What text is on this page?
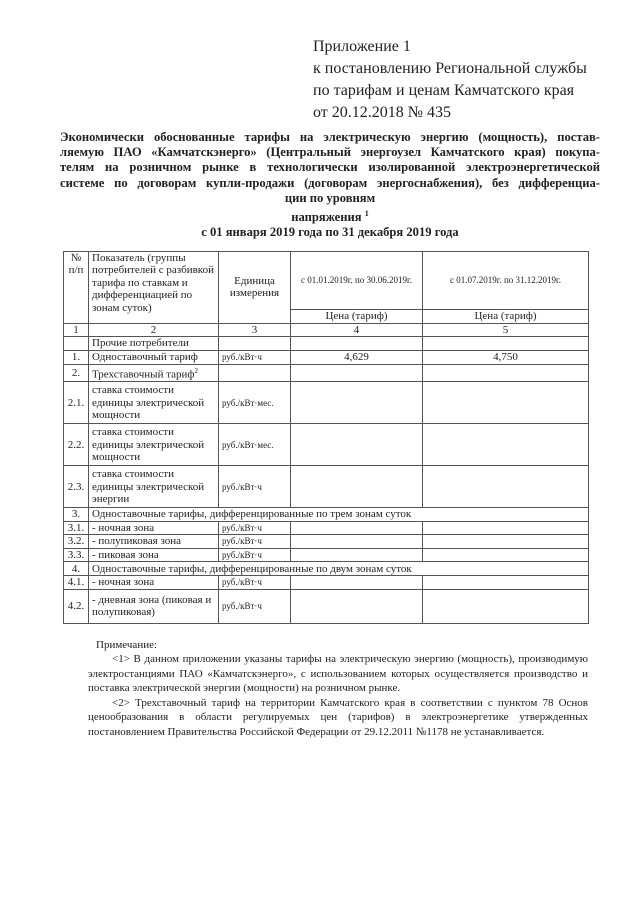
Приложение 1
к постановлению Региональной службы
по тарифам и ценам Камчатского края
от 20.12.2018 № 435
Экономически обоснованные тарифы на электрическую энергию (мощность), постав-
ляемую ПАО «Камчатскэнерго» (Центральный энергоузел Камчатского края) покупа-
телям на розничном рынке в технологически изолированной электроэнергетической
системе по договорам купли-продажи (договорам энергоснабжения), без дифференциа-
ции по уровням
напряжения $^1$
с 01 января 2019 года по 31 декабря 2019 года
№ п/п	Показатель (группы потребителей с разбивкой тарифа по ставкам и дифференциацией по зонам суток)	Единица измерения	с 01.01.2019г. по 30.06.2019г.	с 01.07.2019г. по 31.12.2019г.
			Цена (тариф)	Цена (тариф)
1	2	3	4	5
	Прочие потребители			
1.	Одноставочный тариф	руб./кВт·ч	4,629	4,750
2.	Трехставочный тариф$^2$			
2.1.	ставка стоимости единицы электрической мощности	руб./кВт·мес.		
2.2.	ставка стоимости единицы электрической мощности	руб./кВт·мес.		
2.3.	ставка стоимости единицы электрической энергии	руб./кВт·ч		
3.	Одноставочные тарифы, дифференцированные по трем зонам суток			
3.1.	- ночная зона	руб./кВт·ч		
3.2.	- полупиковая зона	руб./кВт·ч		
3.3.	- пиковая зона	руб./кВт·ч		
4.	Одноставочные тарифы, дифференцированные по двум зонам суток			
4.1.	- ночная зона	руб./кВт·ч		
4.2.	- дневная зона (пиковая и полупиковая)	руб./кВт·ч		

Примечание:

<1> В данном приложении указаны тарифы на электрическую энергию (мощность), производимую электростанциями ПАО «Камчатскэнерго», с использованием которых осуществляется производство и поставка электрической энергии (мощности) на розничном рынке.

<2> Трехставочный тариф на территории Камчатского края в соответствии с пунктом 78 Основ ценообразования в области регулируемых цен (тарифов) в электроэнергетике утвержденных постановлением Правительства Российской Федерации от 29.12.2011 №1178 не устанавливается.
